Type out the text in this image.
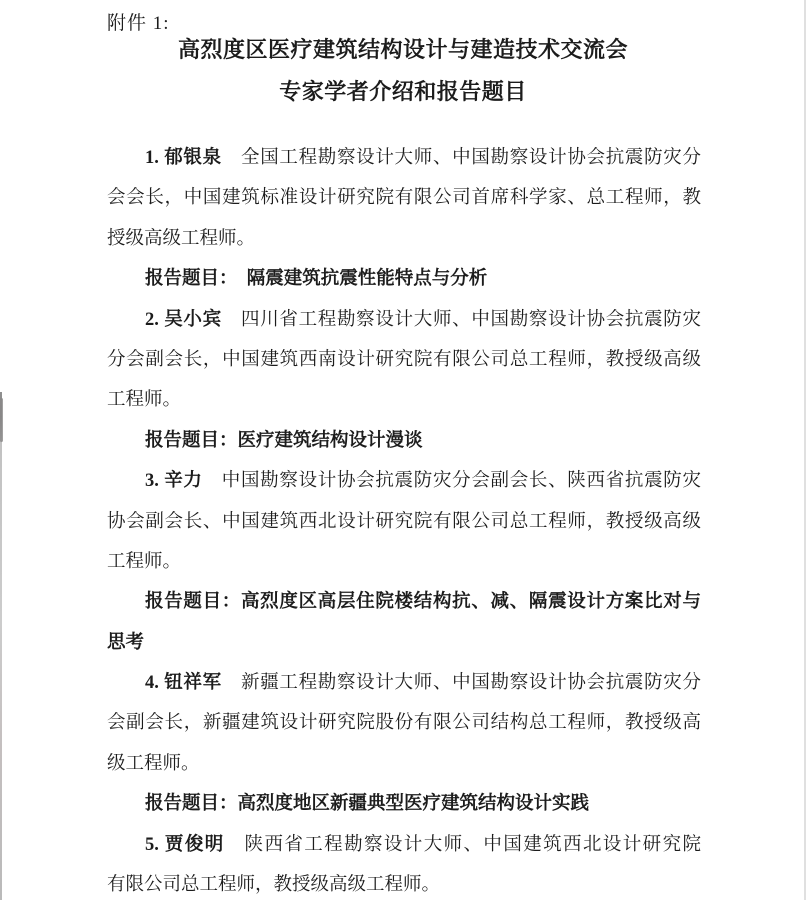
附件 1:
高烈度区医疗建筑结构设计与建造技术交流会
专家学者介绍和报告题目
1. 郁银泉　全国工程勘察设计大师、中国勘察设计协会抗震防灾分
会会长，中国建筑标准设计研究院有限公司首席科学家、总工程师，教
授级高级工程师。
报告题目：　隔震建筑抗震性能特点与分析
2. 吴小宾　四川省工程勘察设计大师、中国勘察设计协会抗震防灾
分会副会长，中国建筑西南设计研究院有限公司总工程师，教授级高级
工程师。
报告题目：医疗建筑结构设计漫谈
3. 辛力　中国勘察设计协会抗震防灾分会副会长、陕西省抗震防灾
协会副会长、中国建筑西北设计研究院有限公司总工程师，教授级高级
工程师。
报告题目：高烈度区高层住院楼结构抗、减、隔震设计方案比对与
思考
4. 钮祥军　新疆工程勘察设计大师、中国勘察设计协会抗震防灾分
会副会长，新疆建筑设计研究院股份有限公司结构总工程师，教授级高
级工程师。
报告题目：高烈度地区新疆典型医疗建筑结构设计实践
5. 贾俊明　陕西省工程勘察设计大师、中国建筑西北设计研究院
有限公司总工程师，教授级高级工程师。
